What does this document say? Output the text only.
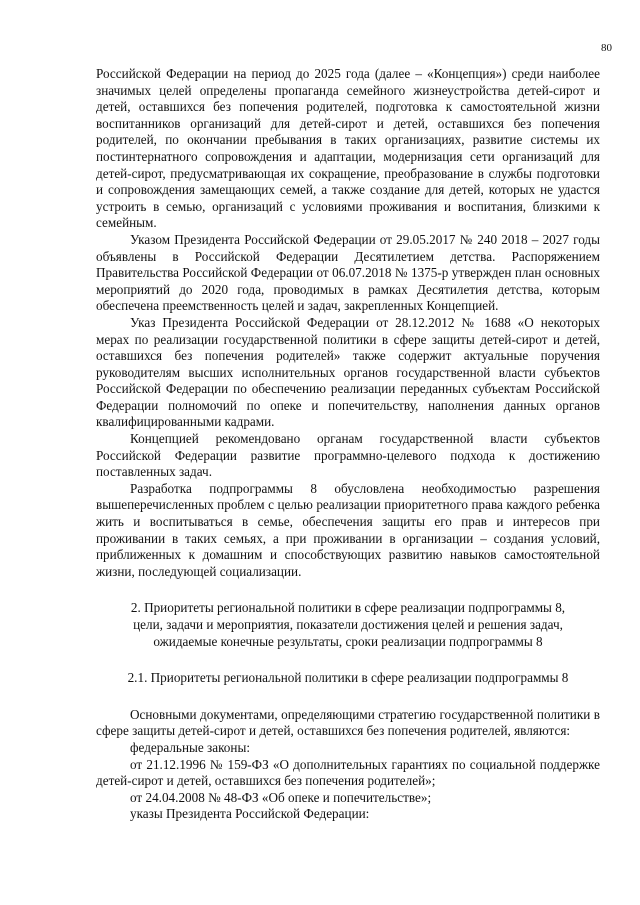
80

Российской Федерации на период до 2025 года (далее – «Концепция») среди наиболее значимых целей определены пропаганда семейного жизнеустройства детей-сирот и детей, оставшихся без попечения родителей, подготовка к самостоятельной жизни воспитанников организаций для детей-сирот и детей, оставшихся без попечения родителей, по окончании пребывания в таких организациях, развитие системы их постинтернатного сопровождения и адаптации, модернизация сети организаций для детей-сирот, предусматривающая их сокращение, преобразование в службы подготовки и сопровождения замещающих семей, а также создание для детей, которых не удастся устроить в семью, организаций с условиями проживания и воспитания, близкими к семейным.

Указом Президента Российской Федерации от 29.05.2017 № 240 2018 – 2027 годы объявлены в Российской Федерации Десятилетием детства. Распоряжением Правительства Российской Федерации от 06.07.2018 № 1375-р утвержден план основных мероприятий до 2020 года, проводимых в рамках Десятилетия детства, которым обеспечена преемственность целей и задач, закрепленных Концепцией.

Указ Президента Российской Федерации от 28.12.2012 № 1688 «О некоторых мерах по реализации государственной политики в сфере защиты детей-сирот и детей, оставшихся без попечения родителей» также содержит актуальные поручения руководителям высших исполнительных органов государственной власти субъектов Российской Федерации по обеспечению реализации переданных субъектам Российской Федерации полномочий по опеке и попечительству, наполнения данных органов квалифицированными кадрами.

Концепцией рекомендовано органам государственной власти субъектов Российской Федерации развитие программно-целевого подхода к достижению поставленных задач.

Разработка подпрограммы 8 обусловлена необходимостью разрешения вышеперечисленных проблем с целью реализации приоритетного права каждого ребенка жить и воспитываться в семье, обеспечения защиты его прав и интересов при проживании в таких семьях, а при проживании в организации – создания условий, приближенных к домашним и способствующих развитию навыков самостоятельной жизни, последующей социализации.

2. Приоритеты региональной политики в сфере реализации подпрограммы 8,
цели, задачи и мероприятия, показатели достижения целей и решения задач,
ожидаемые конечные результаты, сроки реализации подпрограммы 8
2.1. Приоритеты региональной политики в сфере реализации подпрограммы 8

Основными документами, определяющими стратегию государственной политики в сфере защиты детей-сирот и детей, оставшихся без попечения родителей, являются:

федеральные законы:

от 21.12.1996 № 159-ФЗ «О дополнительных гарантиях по социальной поддержке детей-сирот и детей, оставшихся без попечения родителей»;

от 24.04.2008 № 48-ФЗ «Об опеке и попечительстве»;

указы Президента Российской Федерации:
